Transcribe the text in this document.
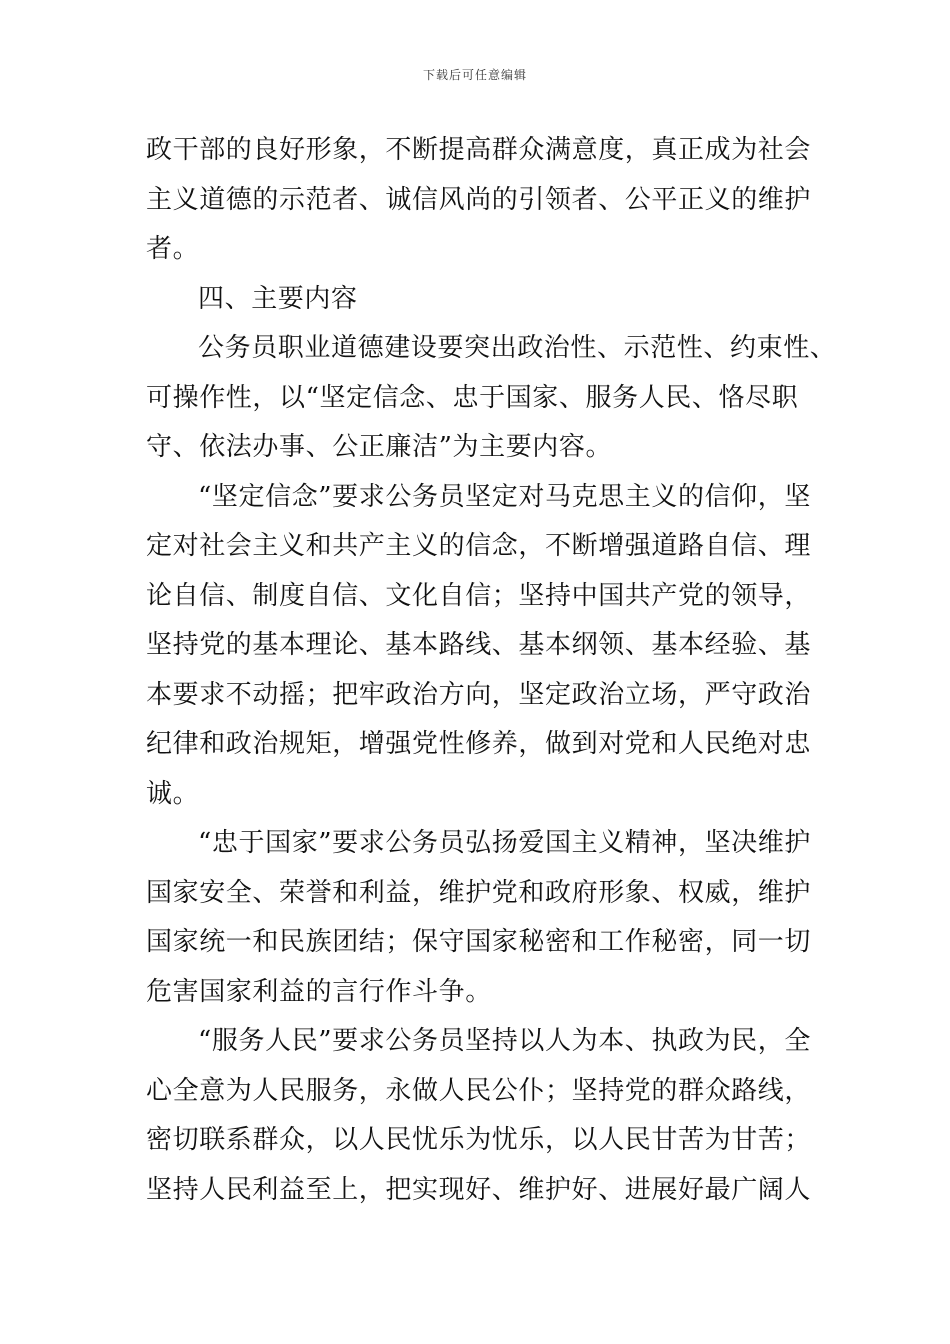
下载后可任意编辑
政干部的良好形象，不断提高群众满意度，真正成为社会
主义道德的示范者、诚信风尚的引领者、公平正义的维护
者。
四、主要内容
公务员职业道德建设要突出政治性、示范性、约束性、
可操作性，以“坚定信念、忠于国家、服务人民、恪尽职
守、依法办事、公正廉洁”为主要内容。
“坚定信念”要求公务员坚定对马克思主义的信仰，坚
定对社会主义和共产主义的信念，不断增强道路自信、理
论自信、制度自信、文化自信；坚持中国共产党的领导，
坚持党的基本理论、基本路线、基本纲领、基本经验、基
本要求不动摇；把牢政治方向，坚定政治立场，严守政治
纪律和政治规矩，增强党性修养，做到对党和人民绝对忠
诚。
“忠于国家”要求公务员弘扬爱国主义精神，坚决维护
国家安全、荣誉和利益，维护党和政府形象、权威，维护
国家统一和民族团结；保守国家秘密和工作秘密，同一切
危害国家利益的言行作斗争。
“服务人民”要求公务员坚持以人为本、执政为民，全
心全意为人民服务，永做人民公仆；坚持党的群众路线，
密切联系群众，以人民忧乐为忧乐，以人民甘苦为甘苦；
坚持人民利益至上，把实现好、维护好、进展好最广阔人
